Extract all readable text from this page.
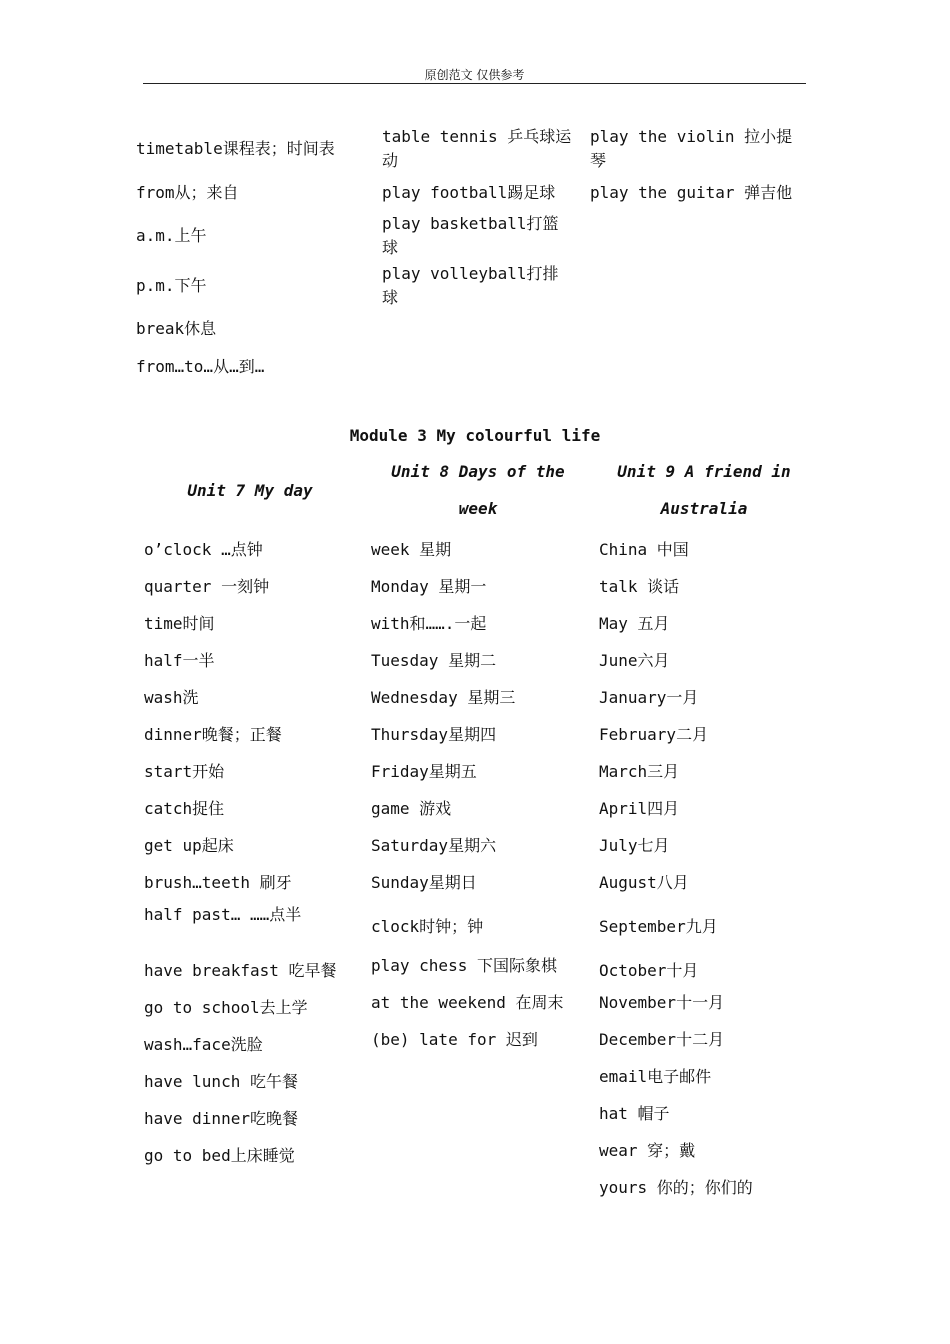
原创范文 仅供参考
timetable课程表；时间表
from从；来自
a.m.上午
p.m.下午
break休息
from…to…从…到…
table tennis 乒乓球运动
play football踢足球
play basketball打篮球
play volleyball打排球
play the violin 拉小提琴
play the guitar 弹吉他
Module 3 My colourful life
Unit 7 My day
Unit 8 Days of the
week
Unit 9 A friend in
Australia
o’clock …点钟
quarter 一刻钟
time时间
half一半
wash洗
dinner晚餐；正餐
start开始
catch捉住
get up起床
brush…teeth 刷牙
half past… ……点半
have breakfast 吃早餐
go to school去上学
wash…face洗脸
have lunch 吃午餐
have dinner吃晚餐
go to bed上床睡觉
week 星期
Monday 星期一
with和…….一起
Tuesday 星期二
Wednesday 星期三
Thursday星期四
Friday星期五
game 游戏
Saturday星期六
Sunday星期日
clock时钟；钟
play chess 下国际象棋
at the weekend 在周末
(be) late for 迟到
China 中国
talk 谈话
May 五月
June六月
January一月
February二月
March三月
April四月
July七月
August八月
September九月
October十月
November十一月
December十二月
email电子邮件
hat 帽子
wear 穿；戴
yours 你的；你们的
